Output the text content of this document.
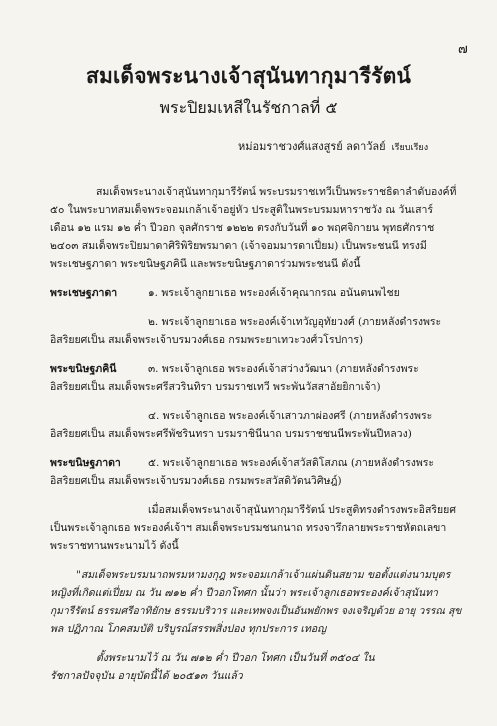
๗
สมเด็จพระนางเจ้าสุนันทากุมารีรัตน์
พระปิยมเหสีในรัชกาลที่ ๕
หม่อมราชวงศ์แสงสูรย์ ลดาวัลย์ เรียบเรียง
สมเด็จพระนางเจ้าสุนันทากุมารีรัตน์ พระบรมราชเทวีเป็นพระราชธิดาลำดับองค์ที่
๕๐ ในพระบาทสมเด็จพระจอมเกล้าเจ้าอยู่หัว ประสูติในพระบรมมหาราชวัง ณ วันเสาร์
เดือน ๑๒ แรม ๑๒ ค่ำ ปีวอก จุลศักราช ๑๒๒๒ ตรงกับวันที่ ๑๐ พฤศจิกายน พุทธศักราช
๒๔๐๓ สมเด็จพระปิยมาดาศิริพิริยพรมาดา (เจ้าจอมมารดาเปี่ยม) เป็นพระชนนี ทรงมี
พระเชษฐภาดา พระขนิษฐภคินี และพระขนิษฐภาดาร่วมพระชนนี ดังนี้
พระเชษฐภาดา	๑. พระเจ้าลูกยาเธอ พระองค์เจ้าคุณากรณ อนันตนพไชย
๒. พระเจ้าลูกยาเธอ พระองค์เจ้าเทวัญอุทัยวงศ์ (ภายหลังดำรงพระ
อิสริยยศเป็น สมเด็จพระเจ้าบรมวงศ์เธอ กรมพระยาเทวะวงศ์วโรปการ)
พระขนิษฐภคินี	๓. พระเจ้าลูกเธอ พระองค์เจ้าสว่างวัฒนา (ภายหลังดำรงพระ
อิสริยยศเป็น สมเด็จพระศรีสวรินทิรา บรมราชเทวี พระพันวัสสาอัยยิกาเจ้า)
๔. พระเจ้าลูกเธอ พระองค์เจ้าเสาวภาผ่องศรี (ภายหลังดำรงพระ
อิสริยยศเป็น สมเด็จพระศรีพัชรินทรา บรมราชินีนาถ บรมราชชนนีพระพันปีหลวง)
พระขนิษฐภาดา	๕. พระเจ้าลูกยาเธอ พระองค์เจ้าสวัสดิโสภณ (ภายหลังดำรงพระ
อิสริยยศเป็น สมเด็จพระเจ้าบรมวงศ์เธอ กรมพระสวัสดิวัดนวิศิษฎ์)
เมื่อสมเด็จพระนางเจ้าสุนันทากุมารีรัตน์ ประสูติทรงดำรงพระอิสริยยศ
เป็นพระเจ้าลูกเธอ พระองค์เจ้าฯ สมเด็จพระบรมชนกนาถ ทรงจารึกลายพระราชหัตถเลขา
พระราชทานพระนามไว้ ดังนี้
"สมเด็จพระบรมนาถพรมหามงกุฎ พระจอมเกล้าเจ้าแผ่นดินสยาม ขอตั้งแต่งนามบุตร
หญิงที่เกิดแต่เปี่ยม ณ วัน ๗๑๒ ค่ำ ปีวอกโทศก นั้นว่า พระเจ้าลูกเธอพระองค์เจ้าสุนันทา
กุมารีรัตน์ ธรรมศรีอาทิยักษ ธรรมบริวาร และเทพจงเป็นอันพยักพร จงเจริญด้วย อายุ วรรณ สุข
พล ปฏิภาณ โภคสมบัติ บริบูรณ์สรรพสิ่งปอง ทุกประการ เทอญ
ตั้งพระนามไว้ ณ วัน ๗๑๒ ค่ำ ปีวอก โทศก เป็นวันที่ ๓๕๐๔ ใน
รัชกาลปัจจุบัน อายุบัดนี้ได้ ๒๐๕๑๓ วันแล้ว
